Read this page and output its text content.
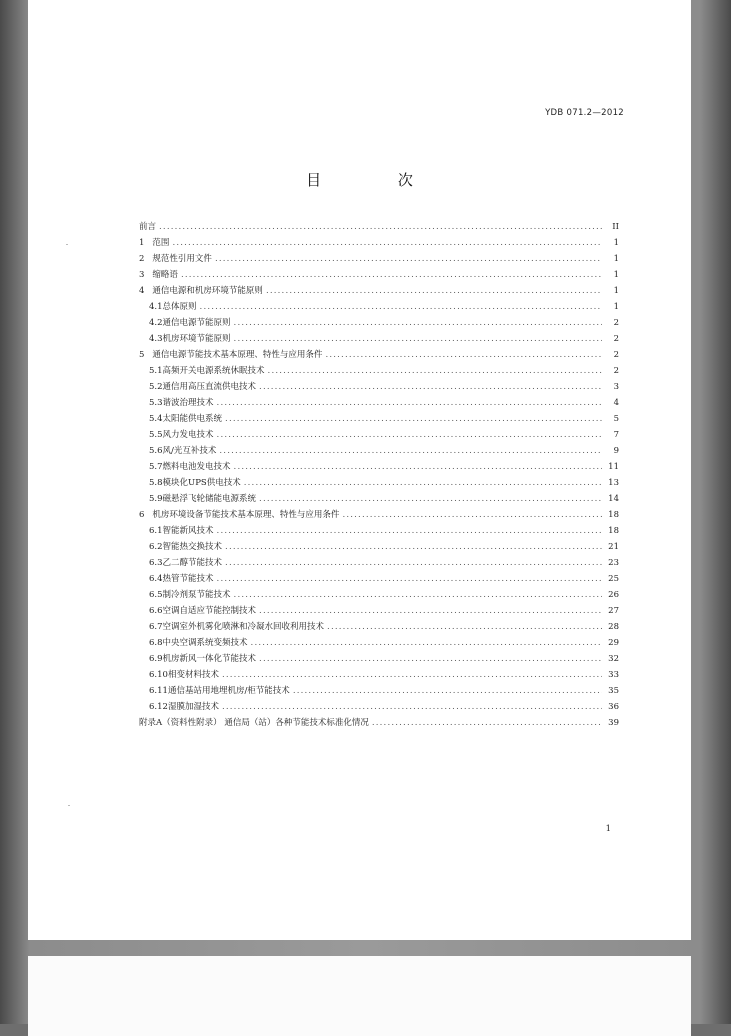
YDB 071.2—2012
目 次
前言 .....	II
1 范围 .....	1
2 规范性引用文件 .....	1
3 缩略语 .....	1
4 通信电源和机房环境节能原则 .....	1
4.1 总体原则 .....	1
4.2 通信电源节能原则 .....	2
4.3 机房环境节能原则 .....	2
5 通信电源节能技术基本原理、特性与应用条件 .....	2
5.1 高频开关电源系统休眠技术 .....	2
5.2 通信用高压直流供电技术 .....	3
5.3 谐波治理技术 .....	4
5.4 太阳能供电系统 .....	5
5.5 风力发电技术 .....	7
5.6 风/光互补技术 .....	9
5.7 燃料电池发电技术 .....	11
5.8 模块化UPS供电技术 .....	13
5.9 磁悬浮飞轮储能电源系统 .....	14
6 机房环境设备节能技术基本原理、特性与应用条件 .....	18
6.1 智能新风技术 .....	18
6.2 智能热交换技术 .....	21
6.3 乙二醇节能技术 .....	23
6.4 热管节能技术 .....	25
6.5 制冷剂泵节能技术 .....	26
6.6 空调自适应节能控制技术 .....	27
6.7 空调室外机雾化喷淋和冷凝水回收利用技术 .....	28
6.8 中央空调系统变频技术 .....	29
6.9 机房新风一体化节能技术 .....	32
6.10 相变材料技术 .....	33
6.11 通信基站用地埋机房/柜节能技术 .....	35
6.12 湿膜加湿技术 .....	36
附录A（资料性附录） 通信局（站）各种节能技术标准化情况 .....	39
1
